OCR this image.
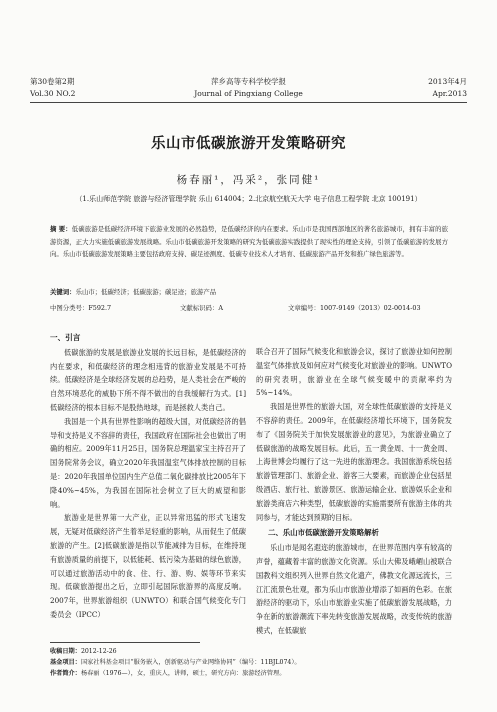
第30卷第2期
Vol.30 NO.2
萍乡高等专科学校学报
Journal of Pingxiang College
2013年4月
Apr.2013
乐山市低碳旅游开发策略研究
杨春丽¹，冯采²，张同健¹
（1.乐山师范学院 旅游与经济管理学院 乐山 614004；2.北京航空航天大学 电子信息工程学院 北京 100191）
摘 要：低碳旅游是低碳经济环境下旅游业发展的必然趋势，是低碳经济的内在要求。乐山市是我国西部地区的著名旅游城市，拥有丰富的旅游资源，正大力实施低碳旅游发展战略。乐山市低碳旅游开发策略的研究为低碳旅游实践提供了现实性的理论支持，引领了低碳旅游的发展方向。乐山市低碳旅游发展策略主要包括政府支持、碳足迹测度、低碳专业技术人才培育、低碳旅游产品开发和推广绿色旅游等。
关键词：乐山市；低碳经济；低碳旅游；碳足迹；旅游产品
中图分类号：F592.7	文献标识码：A	文章编号：1007-9149（2013）02-0014-03

一、引言

低碳旅游的发展是旅游业发展的长远目标，是低碳经济的内在要求，和低碳经济的理念相违背的旅游业发展是不可持续。低碳经济是全球经济发展的总趋势，是人类社会在严峻的自然环境恶化的威胁下所不得不做出的自我缓解行为式。[1]低碳经济的根本目标不是股热地球，而是拯救人类自己。

我国是一个具有世界性影响的超级大国，对低碳经济的倡导和支持是义不容辞的责任，我国政府在国际社会也做出了明确的相应。2009年11月25日，国务院总理温家宝主持召开了国务院常务会议，确立2020年我国温室气体排放控制的目标是：2020年我国单位国内生产总值二氧化碳排放比2005年下降40%~45%，为我国在国际社会树立了巨大的威望和影响。

旅游业是世界第一大产业，正以异常迅猛的形式飞速发展，无疑对低碳经济产生着举足轻重的影响，从而促生了低碳旅游的产生。[2]低碳旅游是指以节能减排为目标，在维持现有旅游质量的前提下，以低能耗、低污染为基础的绿色旅游，可以通过旅游活动中的食、住、行、游、购、娱等环节来实现。低碳旅游提出之后，立即引起国际旅游界的高度反响。2007年，世界旅游组织（UNWTO）和联合国气候变化专门委员会（IPCC）

联合召开了国际气候变化和旅游会议，探讨了旅游业如何控制温室气体排放及如何应对气候变化对旅游业的影响。UNWTO的研究表明，旅游业在全球气候变暖中的贡献率约为5%~14%。

我国是世界性的旅游大国，对全球性低碳旅游的支持是义不容辞的责任。2009年，在低碳经济增长环境下，国务院发布了《国务院关于加快发展旅游业的意见》，为旅游业确立了低碳旅游的战略发展目标。此后，五一黄金周、十一黄金周、上海世博会均履行了这一先进的旅游理念。我国旅游系统包括旅游管理部门、旅游企业、游客三大要素，而旅游企业包括星级酒店、旅行社、旅游景区、旅游运输企业、旅游娱乐企业和旅游类商店六种类型，低碳旅游的实施需要所有旅游主体的共同参与，才能达到预期的目标。

二、乐山市低碳旅游开发策略解析

乐山市是闻名遐迩的旅游城市，在世界范围内享有较高的声誉，蕴藏着丰富的旅游文化资源。乐山大佛及峨嵋山被联合国教科文组织列入世界自然文化遗产，佛教文化源远流长，三江汇流景色壮观，都为乐山市旅游业增添了如画的色彩。在旅游经济的驱动下，乐山市旅游业实施了低碳旅游发展战略，力争在新的旅游潮流下率先转变旅游发展战略，改变传统的旅游模式，在低碳旅

收稿日期：2012-12-26
基金项目：国家社科基金项目“服务嵌入，创新驱动与产业网络协同”（编号：11BJL074）。
作者简介：杨春丽（1976—），女，重庆人，讲师，硕士，研究方向：旅游经济管理。
